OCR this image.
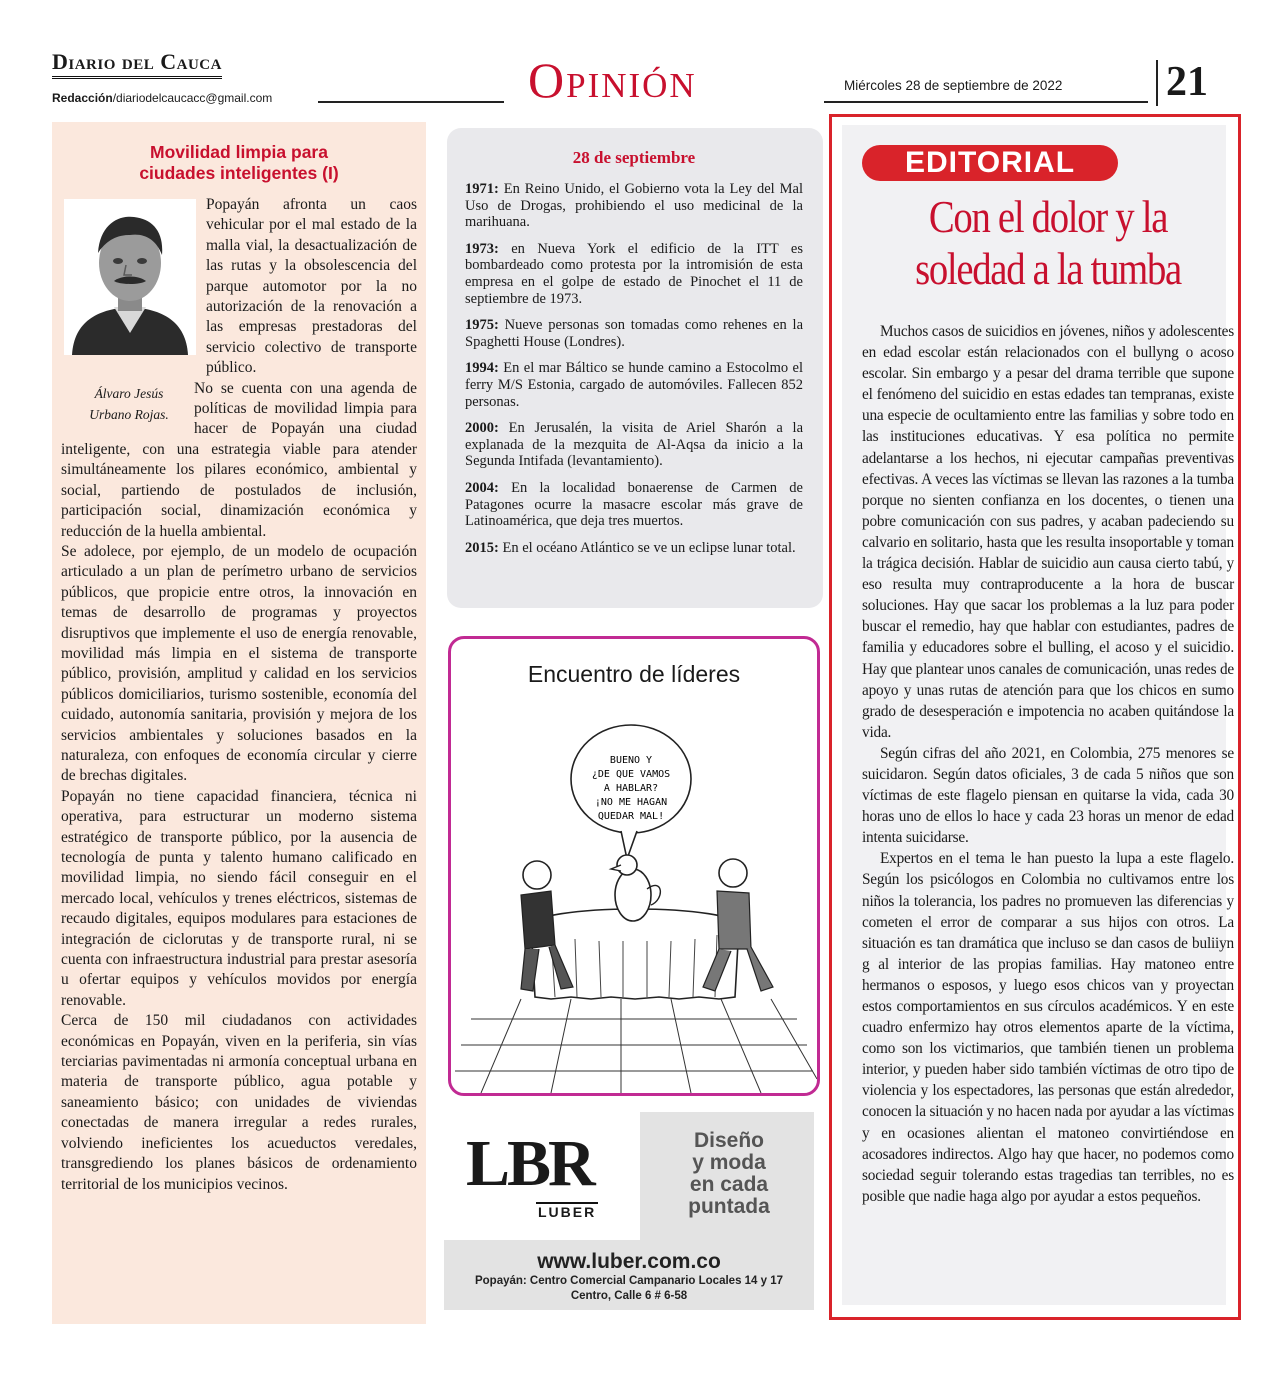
Diario del Cauca
Redacción/diariodelcaucacc@gmail.com	Opinión	Miércoles 28 de septiembre de 2022 21
Movilidad limpia para
ciudades inteligentes (I)

Popayán afronta un caos vehicular por el mal estado de la malla vial, la desactualización de las rutas y la obsolescencia del parque automotor por la no autorización de la renovación a las empresas prestadoras del servicio colectivo de transporte público.

Álvaro Jesús
Urbano Rojas.

No se cuenta con una agenda de políticas de movilidad limpia para hacer de Popayán una ciudad inteligente, con una estrategia viable para atender simultáneamente los pilares económico, ambiental y social, partiendo de postulados de inclusión, participación social, dinamización económica y reducción de la huella ambiental.

Se adolece, por ejemplo, de un modelo de ocupación articulado a un plan de perímetro urbano de servicios públicos, que propicie entre otros, la innovación en temas de desarrollo de programas y proyectos disruptivos que implemente el uso de energía renovable, movilidad más limpia en el sistema de transporte público, provisión, amplitud y calidad en los servicios públicos domiciliarios, turismo sostenible, economía del cuidado, autonomía sanitaria, provisión y mejora de los servicios ambientales y soluciones basados en la naturaleza, con enfoques de economía circular y cierre de brechas digitales.

Popayán no tiene capacidad financiera, técnica ni operativa, para estructurar un moderno sistema estratégico de transporte público, por la ausencia de tecnología de punta y talento humano calificado en movilidad limpia, no siendo fácil conseguir en el mercado local, vehículos y trenes eléctricos, sistemas de recaudo digitales, equipos modulares para estaciones de integración de ciclorutas y de transporte rural, ni se cuenta con infraestructura industrial para prestar asesoría u ofertar equipos y vehículos movidos por energía renovable.

Cerca de 150 mil ciudadanos con actividades económicas en Popayán, viven en la periferia, sin vías terciarias pavimentadas ni armonía conceptual urbana en materia de transporte público, agua potable y saneamiento básico; con unidades de viviendas conectadas de manera irregular a redes rurales, volviendo ineficientes los acueductos veredales, transgrediendo los planes básicos de ordenamiento territorial de los municipios vecinos.

28 de septiembre
1971: En Reino Unido, el Gobierno vota la Ley del Mal Uso de Drogas, prohibiendo el uso medicinal de la marihuana.
1973: en Nueva York el edificio de la ITT es bombardeado como protesta por la intromisión de esta empresa en el golpe de estado de Pinochet el 11 de septiembre de 1973.
1975: Nueve personas son tomadas como rehenes en la Spaghetti House (Londres).
1994: En el mar Báltico se hunde camino a Estocolmo el ferry M/S Estonia, cargado de automóviles. Fallecen 852 personas.
2000: En Jerusalén, la visita de Ariel Sharón a la explanada de la mezquita de Al-Aqsa da inicio a la Segunda Intifada (levantamiento).
2004: En la localidad bonaerense de Carmen de Patagones ocurre la masacre escolar más grave de Latinoamérica, que deja tres muertos.
2015: En el océano Atlántico se ve un eclipse lunar total.
Encuentro de líderes
BUENO Y
¿DE QUE VAMOS
A HABLAR?
¡NO ME HAGAN
QUEDAR MAL!
LBR
LUBER
Diseño
y moda
en cada
puntada
www.luber.com.co
Popayán: Centro Comercial Campanario Locales 14 y 17
Centro, Calle 6 # 6-58
EDITORIAL
Con el dolor y la
soledad a la tumba

Muchos casos de suicidios en jóvenes, niños y adolescentes en edad escolar están relacionados con el bullyng o acoso escolar. Sin embargo y a pesar del drama terrible que supone el fenómeno del suicidio en estas edades tan tempranas, existe una especie de ocultamiento entre las familias y sobre todo en las instituciones educativas. Y esa política no permite adelantarse a los hechos, ni ejecutar campañas preventivas efectivas. A veces las víctimas se llevan las razones a la tumba porque no sienten confianza en los docentes, o tienen una pobre comunicación con sus padres, y acaban padeciendo su calvario en solitario, hasta que les resulta insoportable y toman la trágica decisión. Hablar de suicidio aun causa cierto tabú, y eso resulta muy contraproducente a la hora de buscar soluciones. Hay que sacar los problemas a la luz para poder buscar el remedio, hay que hablar con estudiantes, padres de familia y educadores sobre el bulling, el acoso y el suicidio. Hay que plantear unos canales de comunicación, unas redes de apoyo y unas rutas de atención para que los chicos en sumo grado de desesperación e impotencia no acaben quitándose la vida.

Según cifras del año 2021, en Colombia, 275 menores se suicidaron. Según datos oficiales, 3 de cada 5 niños que son víctimas de este flagelo piensan en quitarse la vida, cada 30 horas uno de ellos lo hace y cada 23 horas un menor de edad intenta suicidarse.

Expertos en el tema le han puesto la lupa a este flagelo. Según los psicólogos en Colombia no cultivamos entre los niños la tolerancia, los padres no promueven las diferencias y cometen el error de comparar a sus hijos con otros. La situación es tan dramática que incluso se dan casos de buliiyn g al interior de las propias familias. Hay matoneo entre hermanos o esposos, y luego esos chicos van y proyectan estos comportamientos en sus círculos académicos. Y en este cuadro enfermizo hay otros elementos aparte de la víctima, como son los victimarios, que también tienen un problema interior, y pueden haber sido también víctimas de otro tipo de violencia y los espectadores, las personas que están alrededor, conocen la situación y no hacen nada por ayudar a las víctimas y en ocasiones alientan el matoneo convirtiéndose en acosadores indirectos. Algo hay que hacer, no podemos como sociedad seguir tolerando estas tragedias tan terribles, no es posible que nadie haga algo por ayudar a estos pequeños.
